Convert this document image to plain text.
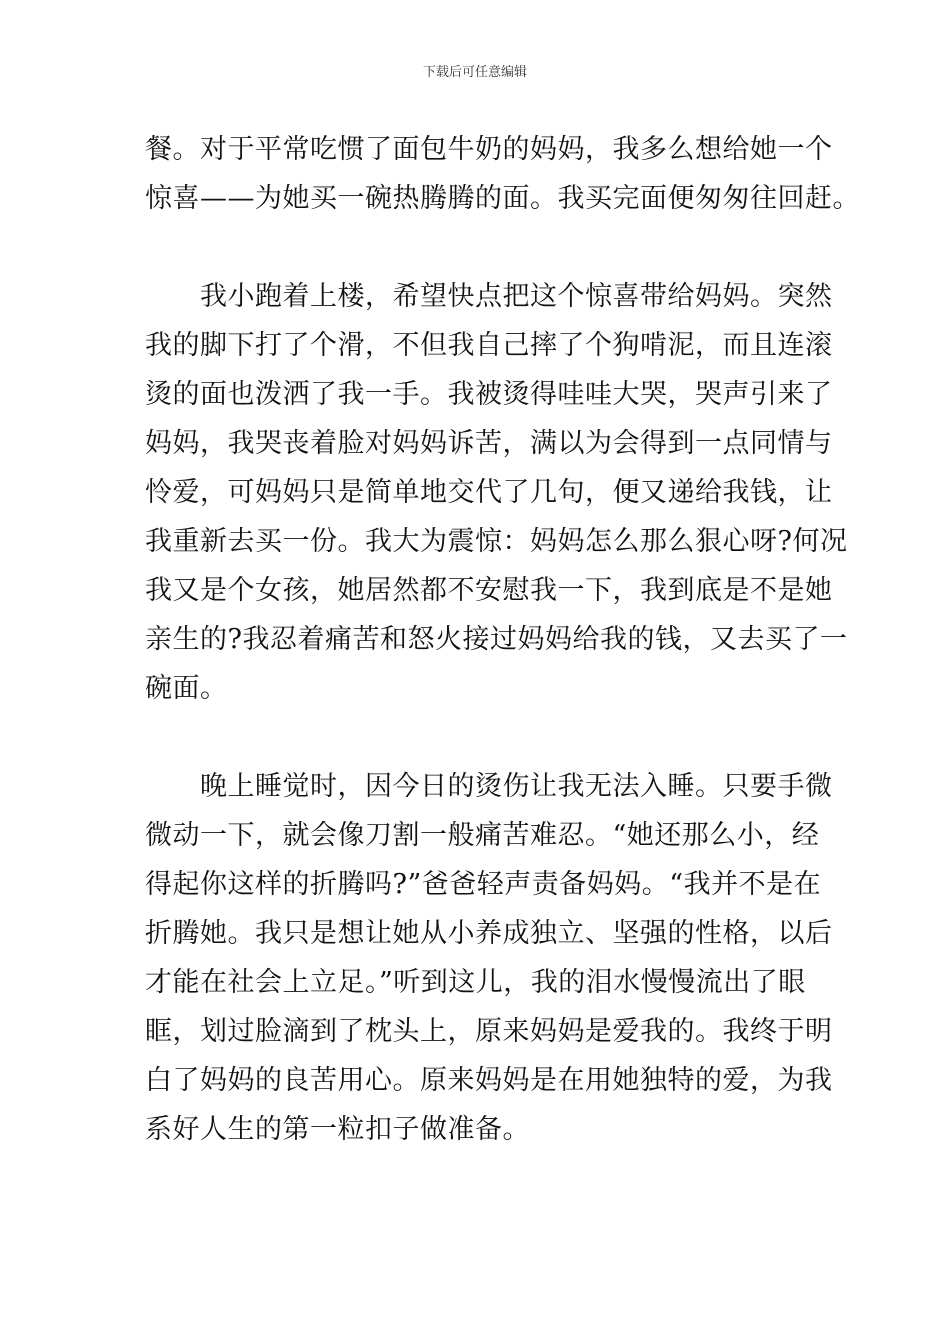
下载后可任意编辑
餐。对于平常吃惯了面包牛奶的妈妈，我多么想给她一个
惊喜——为她买一碗热腾腾的面。我买完面便匆匆往回赶。
　　我小跑着上楼，希望快点把这个惊喜带给妈妈。突然
我的脚下打了个滑，不但我自己摔了个狗啃泥，而且连滚
烫的面也泼洒了我一手。我被烫得哇哇大哭，哭声引来了
妈妈，我哭丧着脸对妈妈诉苦，满以为会得到一点同情与
怜爱，可妈妈只是简单地交代了几句，便又递给我钱，让
我重新去买一份。我大为震惊：妈妈怎么那么狠心呀?何况
我又是个女孩，她居然都不安慰我一下，我到底是不是她
亲生的?我忍着痛苦和怒火接过妈妈给我的钱，又去买了一
碗面。
　　晚上睡觉时，因今日的烫伤让我无法入睡。只要手微
微动一下，就会像刀割一般痛苦难忍。“她还那么小，经
得起你这样的折腾吗?”爸爸轻声责备妈妈。“我并不是在
折腾她。我只是想让她从小养成独立、坚强的性格，以后
才能在社会上立足。”听到这儿，我的泪水慢慢流出了眼
眶，划过脸滴到了枕头上，原来妈妈是爱我的。我终于明
白了妈妈的良苦用心。原来妈妈是在用她独特的爱，为我
系好人生的第一粒扣子做准备。
